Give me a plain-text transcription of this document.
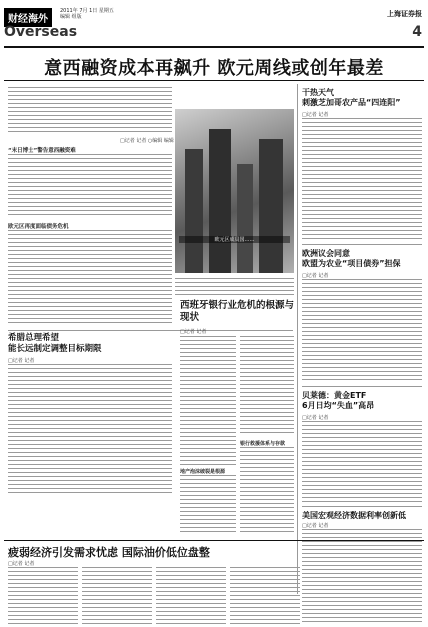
财经海外
2011年 7月 1日 星期五
编辑 组版	上海证券报
Overseas	4
意西融资成本再飙升 欧元周线或创年最差
□记者 记者 ○编辑 编辑
“末日博士”警告意西融资难
欧元区再度面临债务危机
欧元区成员国……
希腊总理希望
能长远制定调整目标期限
□记者 记者
西班牙银行业危机的根源与现状
□记者 记者
地产泡沫破裂是根源
银行救援体系与存款
疲弱经济引发需求忧虑 国际油价低位盘整
□记者 记者
干热天气
刺激芝加哥农产品“四连阳”
□记者 记者
欧洲议会同意
欧盟为农业“项目债券”担保
□记者 记者
贝莱德：黄金ETF
6月日均“失血”高昂
□记者 记者
美国宏观经济数据利率创新低
□记者 记者
